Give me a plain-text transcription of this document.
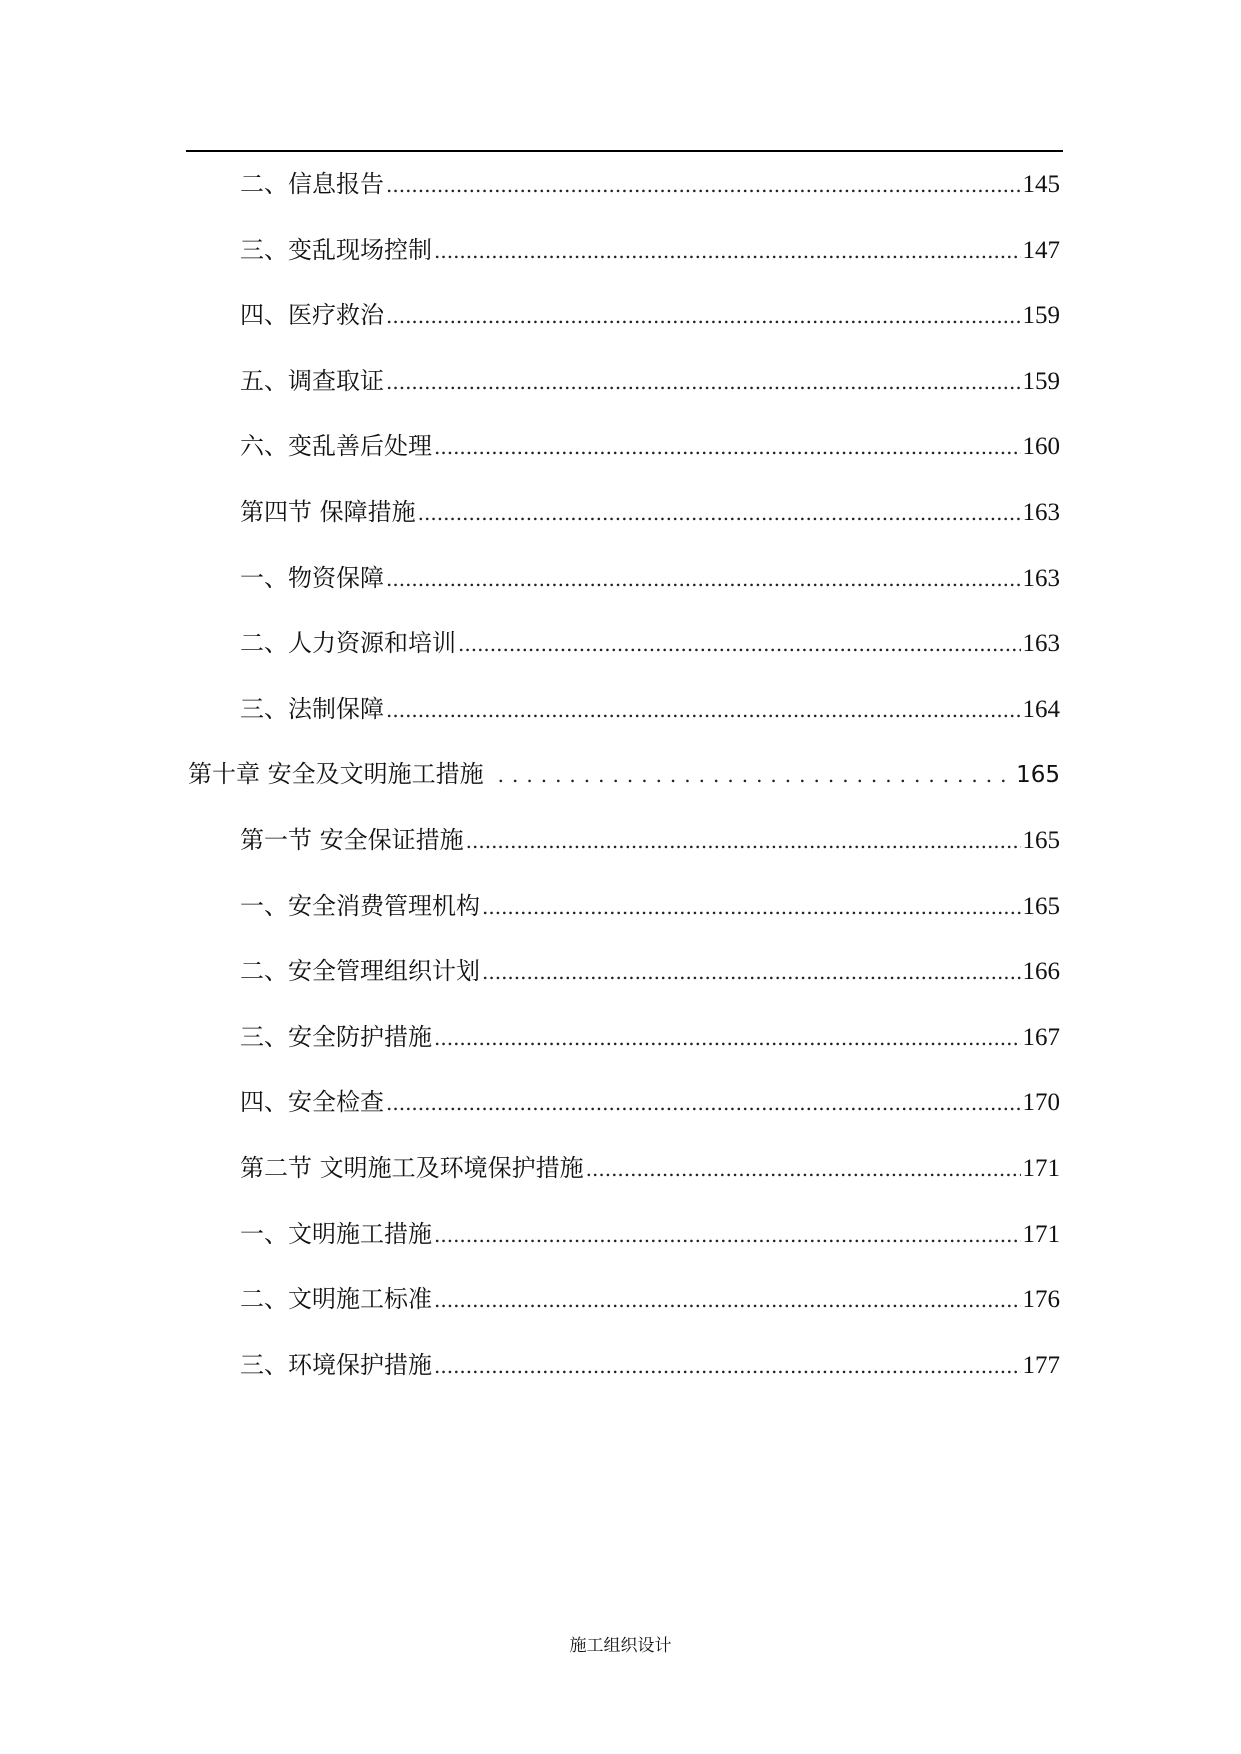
二、信息报告 .....	145
三、变乱现场控制 .....	147
四、医疗救治 .....	159
五、调查取证 .....	159
六、变乱善后处理 .....	160
第四节 保障措施 .....	163
一、物资保障 .....	163
二、人力资源和培训 .....	163
三、法制保障 .....	164
第十章 安全及文明施工措施 .....	165
第一节 安全保证措施 .....	165
一、安全消费管理机构 .....	165
二、安全管理组织计划 .....	166
三、安全防护措施 .....	167
四、安全检查 .....	170
第二节 文明施工及环境保护措施 .....	171
一、文明施工措施 .....	171
二、文明施工标准 .....	176
三、环境保护措施 .....	177
施工组织设计
